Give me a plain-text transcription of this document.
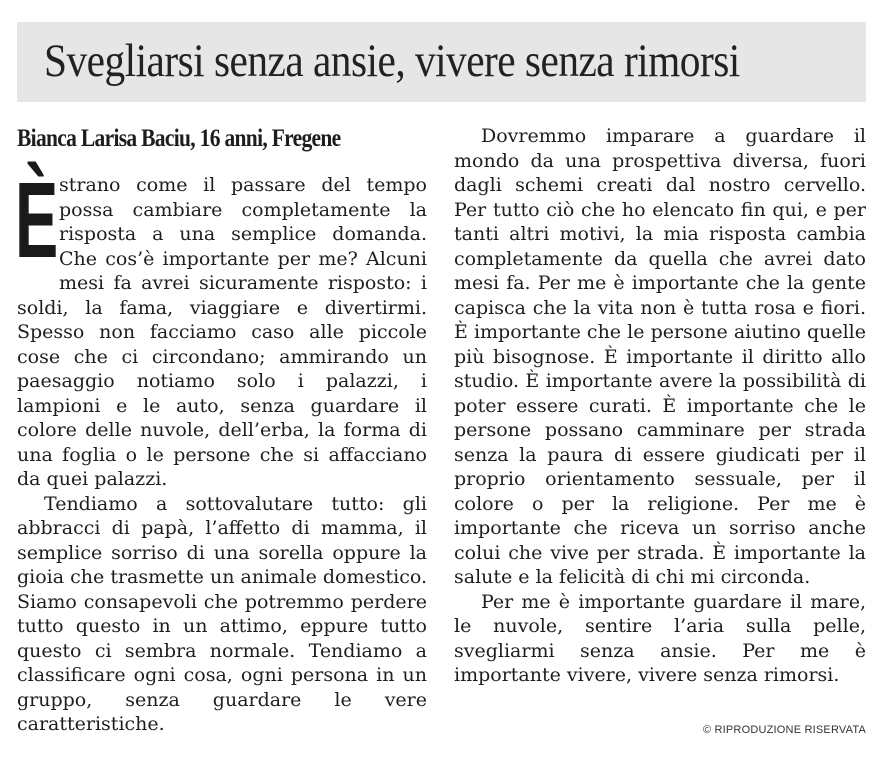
Svegliarsi senza ansie, vivere senza rimorsi
Bianca Larisa Baciu, 16 anni, Fregene

Èstrano come il passare del tempo possa cambiare completamente la risposta a una semplice domanda. Che cos’è importante per me? Alcuni mesi fa avrei sicuramente risposto: i soldi, la fama, viaggiare e divertirmi. Spesso non facciamo caso alle piccole cose che ci circondano; ammirando un paesaggio notiamo solo i palazzi, i lampioni e le auto, senza guardare il colore delle nuvole, dell’erba, la forma di una foglia o le persone che si affacciano da quei palazzi.

Tendiamo a sottovalutare tutto: gli abbracci di papà, l’affetto di mamma, il semplice sorriso di una sorella oppure la gioia che trasmette un animale domestico. Siamo consapevoli che potremmo perdere tutto questo in un attimo, eppure tutto questo ci sembra normale. Tendiamo a classificare ogni cosa, ogni persona in un gruppo, senza guardare le vere caratteristiche.

Dovremmo imparare a guardare il mondo da una prospettiva diversa, fuori dagli schemi creati dal nostro cervello. Per tutto ciò che ho elencato fin qui, e per tanti altri motivi, la mia risposta cambia completamente da quella che avrei dato mesi fa. Per me è importante che la gente capisca che la vita non è tutta rosa e fiori. È importante che le persone aiutino quelle più bisognose. È importante il diritto allo studio. È importante avere la possibilità di poter essere curati. È importante che le persone possano camminare per strada senza la paura di essere giudicati per il proprio orientamento sessuale, per il colore o per la religione. Per me è importante che riceva un sorriso anche colui che vive per strada. È importante la salute e la felicità di chi mi circonda.

Per me è importante guardare il mare, le nuvole, sentire l’aria sulla pelle, svegliarmi senza ansie. Per me è importante vivere, vivere senza rimorsi.

© RIPRODUZIONE RISERVATA
